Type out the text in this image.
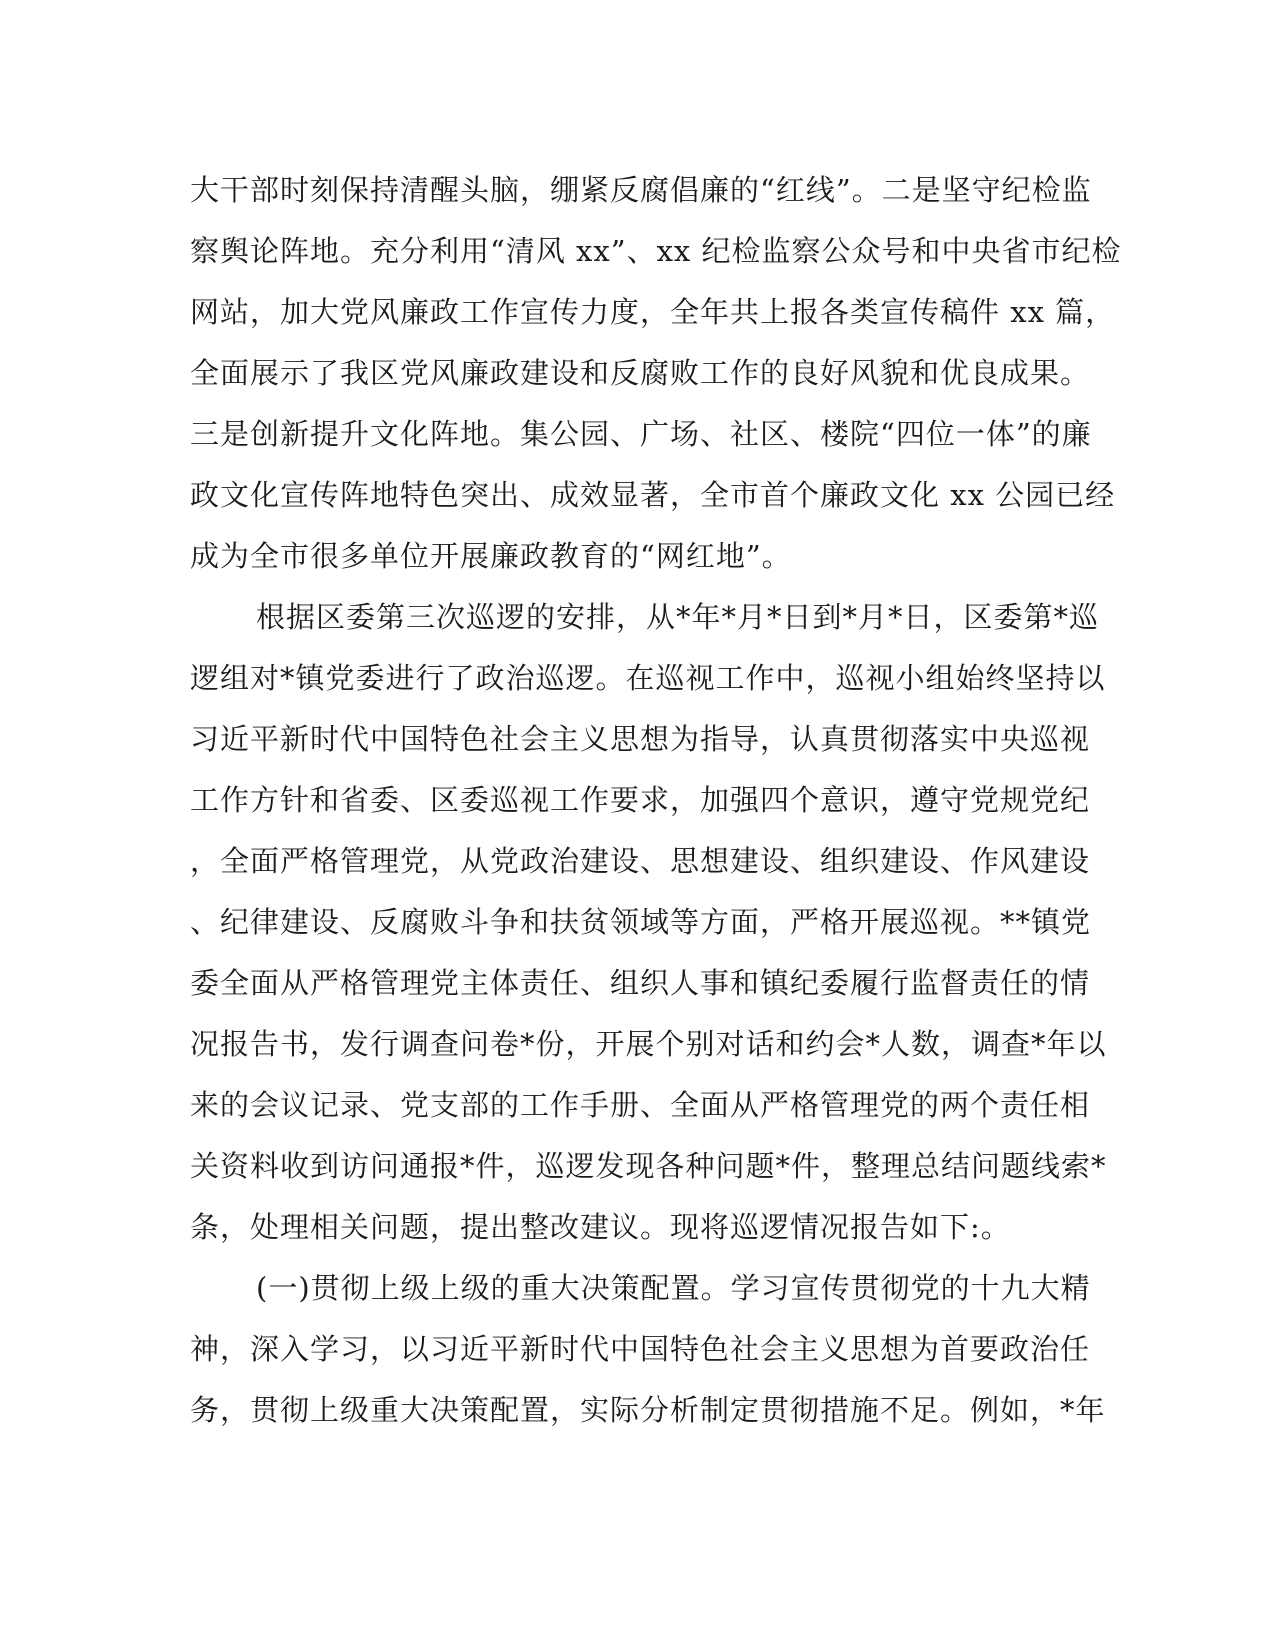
大干部时刻保持清醒头脑，绷紧反腐倡廉的“红线”。二是坚守纪检监
察舆论阵地。充分利用“清风 xx”、xx 纪检监察公众号和中央省市纪检
网站，加大党风廉政工作宣传力度，全年共上报各类宣传稿件 xx 篇，
全面展示了我区党风廉政建设和反腐败工作的良好风貌和优良成果。
三是创新提升文化阵地。集公园、广场、社区、楼院“四位一体”的廉
政文化宣传阵地特色突出、成效显著，全市首个廉政文化 xx 公园已经
成为全市很多单位开展廉政教育的“网红地”。
根据区委第三次巡逻的安排，从*年*月*日到*月*日，区委第*巡
逻组对*镇党委进行了政治巡逻。在巡视工作中，巡视小组始终坚持以
习近平新时代中国特色社会主义思想为指导，认真贯彻落实中央巡视
工作方针和省委、区委巡视工作要求，加强四个意识，遵守党规党纪
，全面严格管理党，从党政治建设、思想建设、组织建设、作风建设
、纪律建设、反腐败斗争和扶贫领域等方面，严格开展巡视。**镇党
委全面从严格管理党主体责任、组织人事和镇纪委履行监督责任的情
况报告书，发行调查问卷*份，开展个别对话和约会*人数，调查*年以
来的会议记录、党支部的工作手册、全面从严格管理党的两个责任相
关资料收到访问通报*件，巡逻发现各种问题*件，整理总结问题线索*
条，处理相关问题，提出整改建议。现将巡逻情况报告如下:。
(一)贯彻上级上级的重大决策配置。学习宣传贯彻党的十九大精
神，深入学习，以习近平新时代中国特色社会主义思想为首要政治任
务，贯彻上级重大决策配置，实际分析制定贯彻措施不足。例如，*年
